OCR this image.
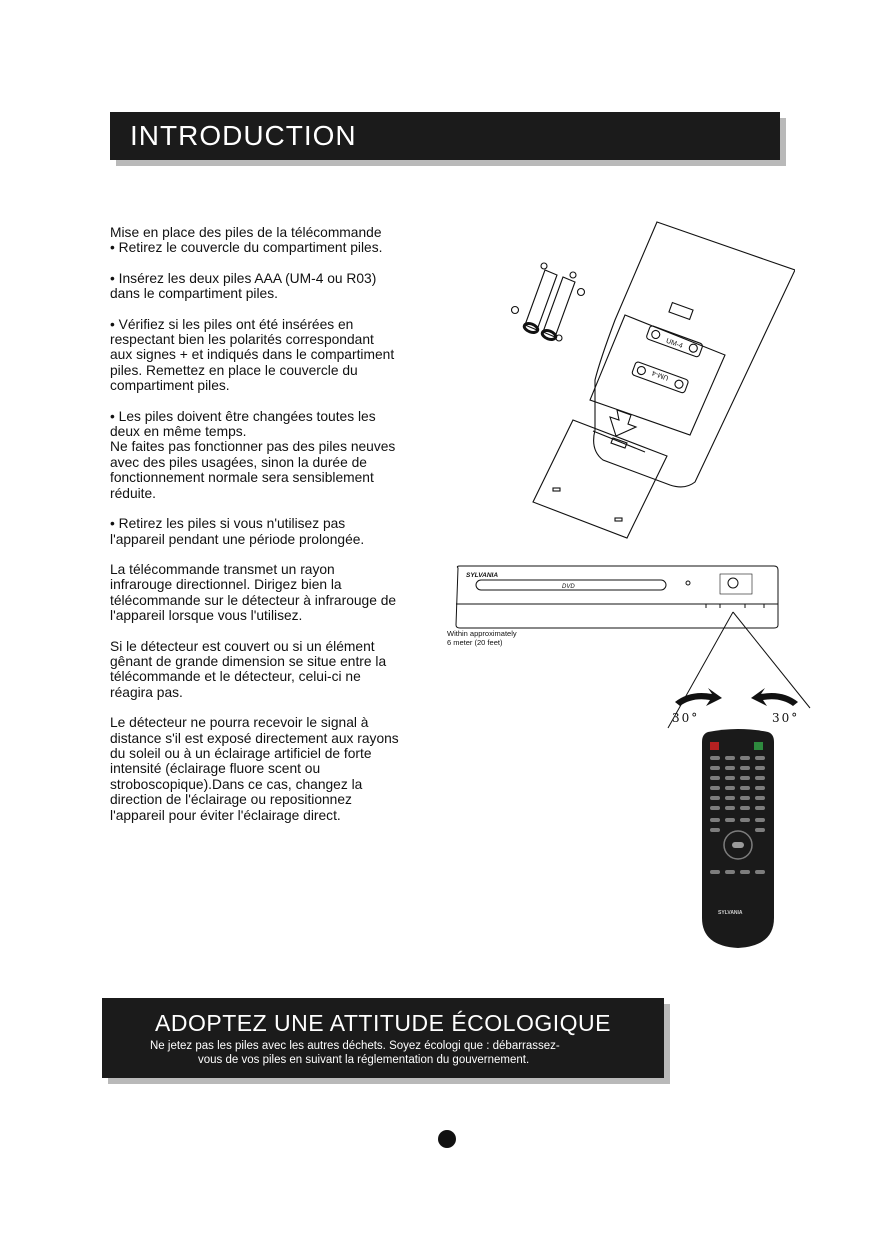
INTRODUCTION

Mise en place des piles de la télécommande
• Retirez le couvercle du compartiment piles.

• Insérez les deux piles AAA (UM-4 ou R03)
dans le compartiment piles.

• Vérifiez si les piles ont été insérées en
respectant bien les polarités correspondant
aux signes + et indiqués dans le compartiment
piles. Remettez en place le couvercle du
compartiment piles.

• Les piles doivent être changées toutes les
deux en même temps.
Ne faites pas fonctionner pas des piles neuves
avec des piles usagées, sinon la durée de
fonctionnement normale sera sensiblement
réduite.

• Retirez les piles si vous n'utilisez pas
l'appareil pendant une période prolongée.

La télécommande transmet un rayon
infrarouge directionnel. Dirigez bien la
télécommande sur le détecteur à infrarouge de
l'appareil lorsque vous l'utilisez.

Si le détecteur est couvert ou si un élément
gênant de grande dimension se situe entre la
télécommande et le détecteur, celui-ci ne
réagira pas.

Le détecteur ne pourra recevoir le signal à
distance s'il est exposé directement aux rayons
du soleil ou à un éclairage artificiel de forte
intensité (éclairage fluore scent ou
stroboscopique).Dans ce cas, changez la
direction de l'éclairage ou repositionnez
l'appareil pour éviter l'éclairage direct.

UM-4
UM-4
SYLVANIA
DVD
Within approximately
6 meter (20 feet)
30°	30°
SYLVANIA
ADOPTEZ UNE ATTITUDE ÉCOLOGIQUE
Ne jetez pas les piles avec les autres déchets. Soyez écologi que : débarrassez-
vous de vos piles en suivant la réglementation du gouvernement.
